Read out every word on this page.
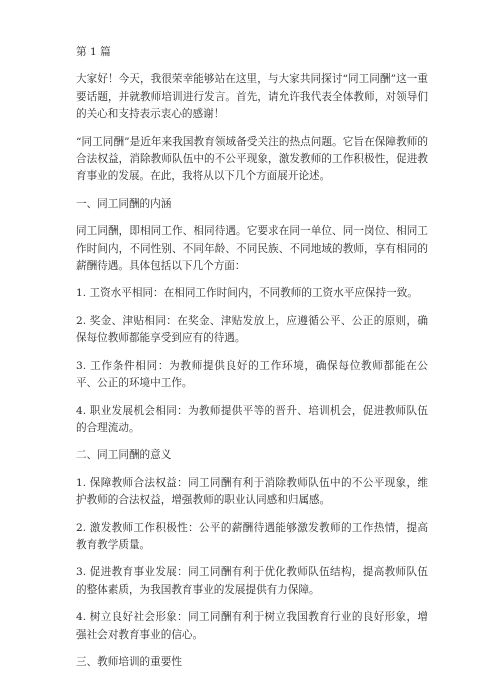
第 1 篇

大家好！今天，我很荣幸能够站在这里，与大家共同探讨“同工同酬”这一重要话题，并就教师培训进行发言。首先，请允许我代表全体教师，对领导们的关心和支持表示衷心的感谢！

“同工同酬”是近年来我国教育领域备受关注的热点问题。它旨在保障教师的合法权益，消除教师队伍中的不公平现象，激发教师的工作积极性，促进教育事业的发展。在此，我将从以下几个方面展开论述。

一、同工同酬的内涵

同工同酬，即相同工作、相同待遇。它要求在同一单位、同一岗位、相同工作时间内，不同性别、不同年龄、不同民族、不同地域的教师，享有相同的薪酬待遇。具体包括以下几个方面：

1. 工资水平相同：在相同工作时间内，不同教师的工资水平应保持一致。

2. 奖金、津贴相同：在奖金、津贴发放上，应遵循公平、公正的原则，确保每位教师都能享受到应有的待遇。

3. 工作条件相同：为教师提供良好的工作环境，确保每位教师都能在公平、公正的环境中工作。

4. 职业发展机会相同：为教师提供平等的晋升、培训机会，促进教师队伍的合理流动。

二、同工同酬的意义

1. 保障教师合法权益：同工同酬有利于消除教师队伍中的不公平现象，维护教师的合法权益，增强教师的职业认同感和归属感。

2. 激发教师工作积极性：公平的薪酬待遇能够激发教师的工作热情，提高教育教学质量。

3. 促进教育事业发展：同工同酬有利于优化教师队伍结构，提高教师队伍的整体素质，为我国教育事业的发展提供有力保障。

4. 树立良好社会形象：同工同酬有利于树立我国教育行业的良好形象，增强社会对教育事业的信心。

三、教师培训的重要性
